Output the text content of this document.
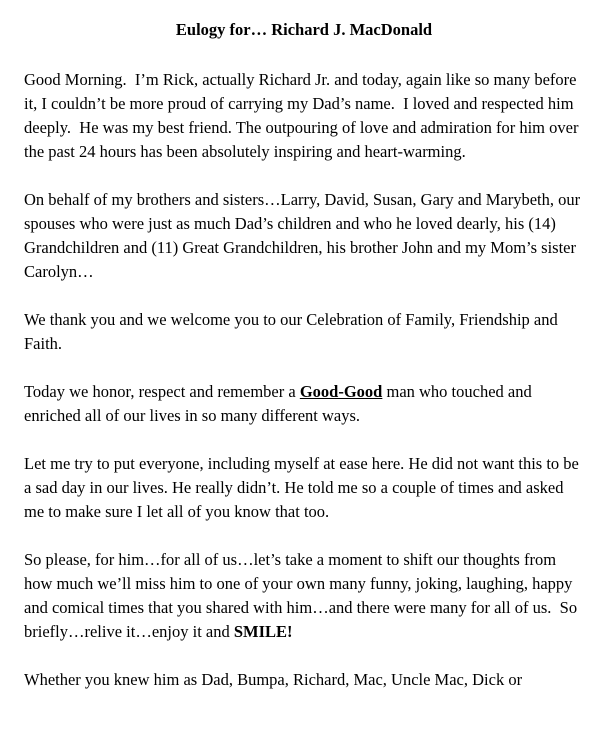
Eulogy for… Richard J. MacDonald

Good Morning.  I’m Rick, actually Richard Jr. and today, again like so many before it, I couldn’t be more proud of carrying my Dad’s name.  I loved and respected him deeply.  He was my best friend. The outpouring of love and admiration for him over the past 24 hours has been absolutely inspiring and heart-warming.

On behalf of my brothers and sisters…Larry, David, Susan, Gary and Marybeth, our spouses who were just as much Dad’s children and who he loved dearly, his (14) Grandchildren and (11) Great Grandchildren, his brother John and my Mom’s sister Carolyn…

We thank you and we welcome you to our Celebration of Family, Friendship and Faith.

Today we honor, respect and remember a Good-Good man who touched and enriched all of our lives in so many different ways.

Let me try to put everyone, including myself at ease here. He did not want this to be a sad day in our lives. He really didn’t. He told me so a couple of times and asked me to make sure I let all of you know that too.

So please, for him…for all of us…let’s take a moment to shift our thoughts from how much we’ll miss him to one of your own many funny, joking, laughing, happy and comical times that you shared with him…and there were many for all of us.  So briefly…relive it…enjoy it and SMILE!

Whether you knew him as Dad, Bumpa, Richard, Mac, Uncle Mac, Dick or
